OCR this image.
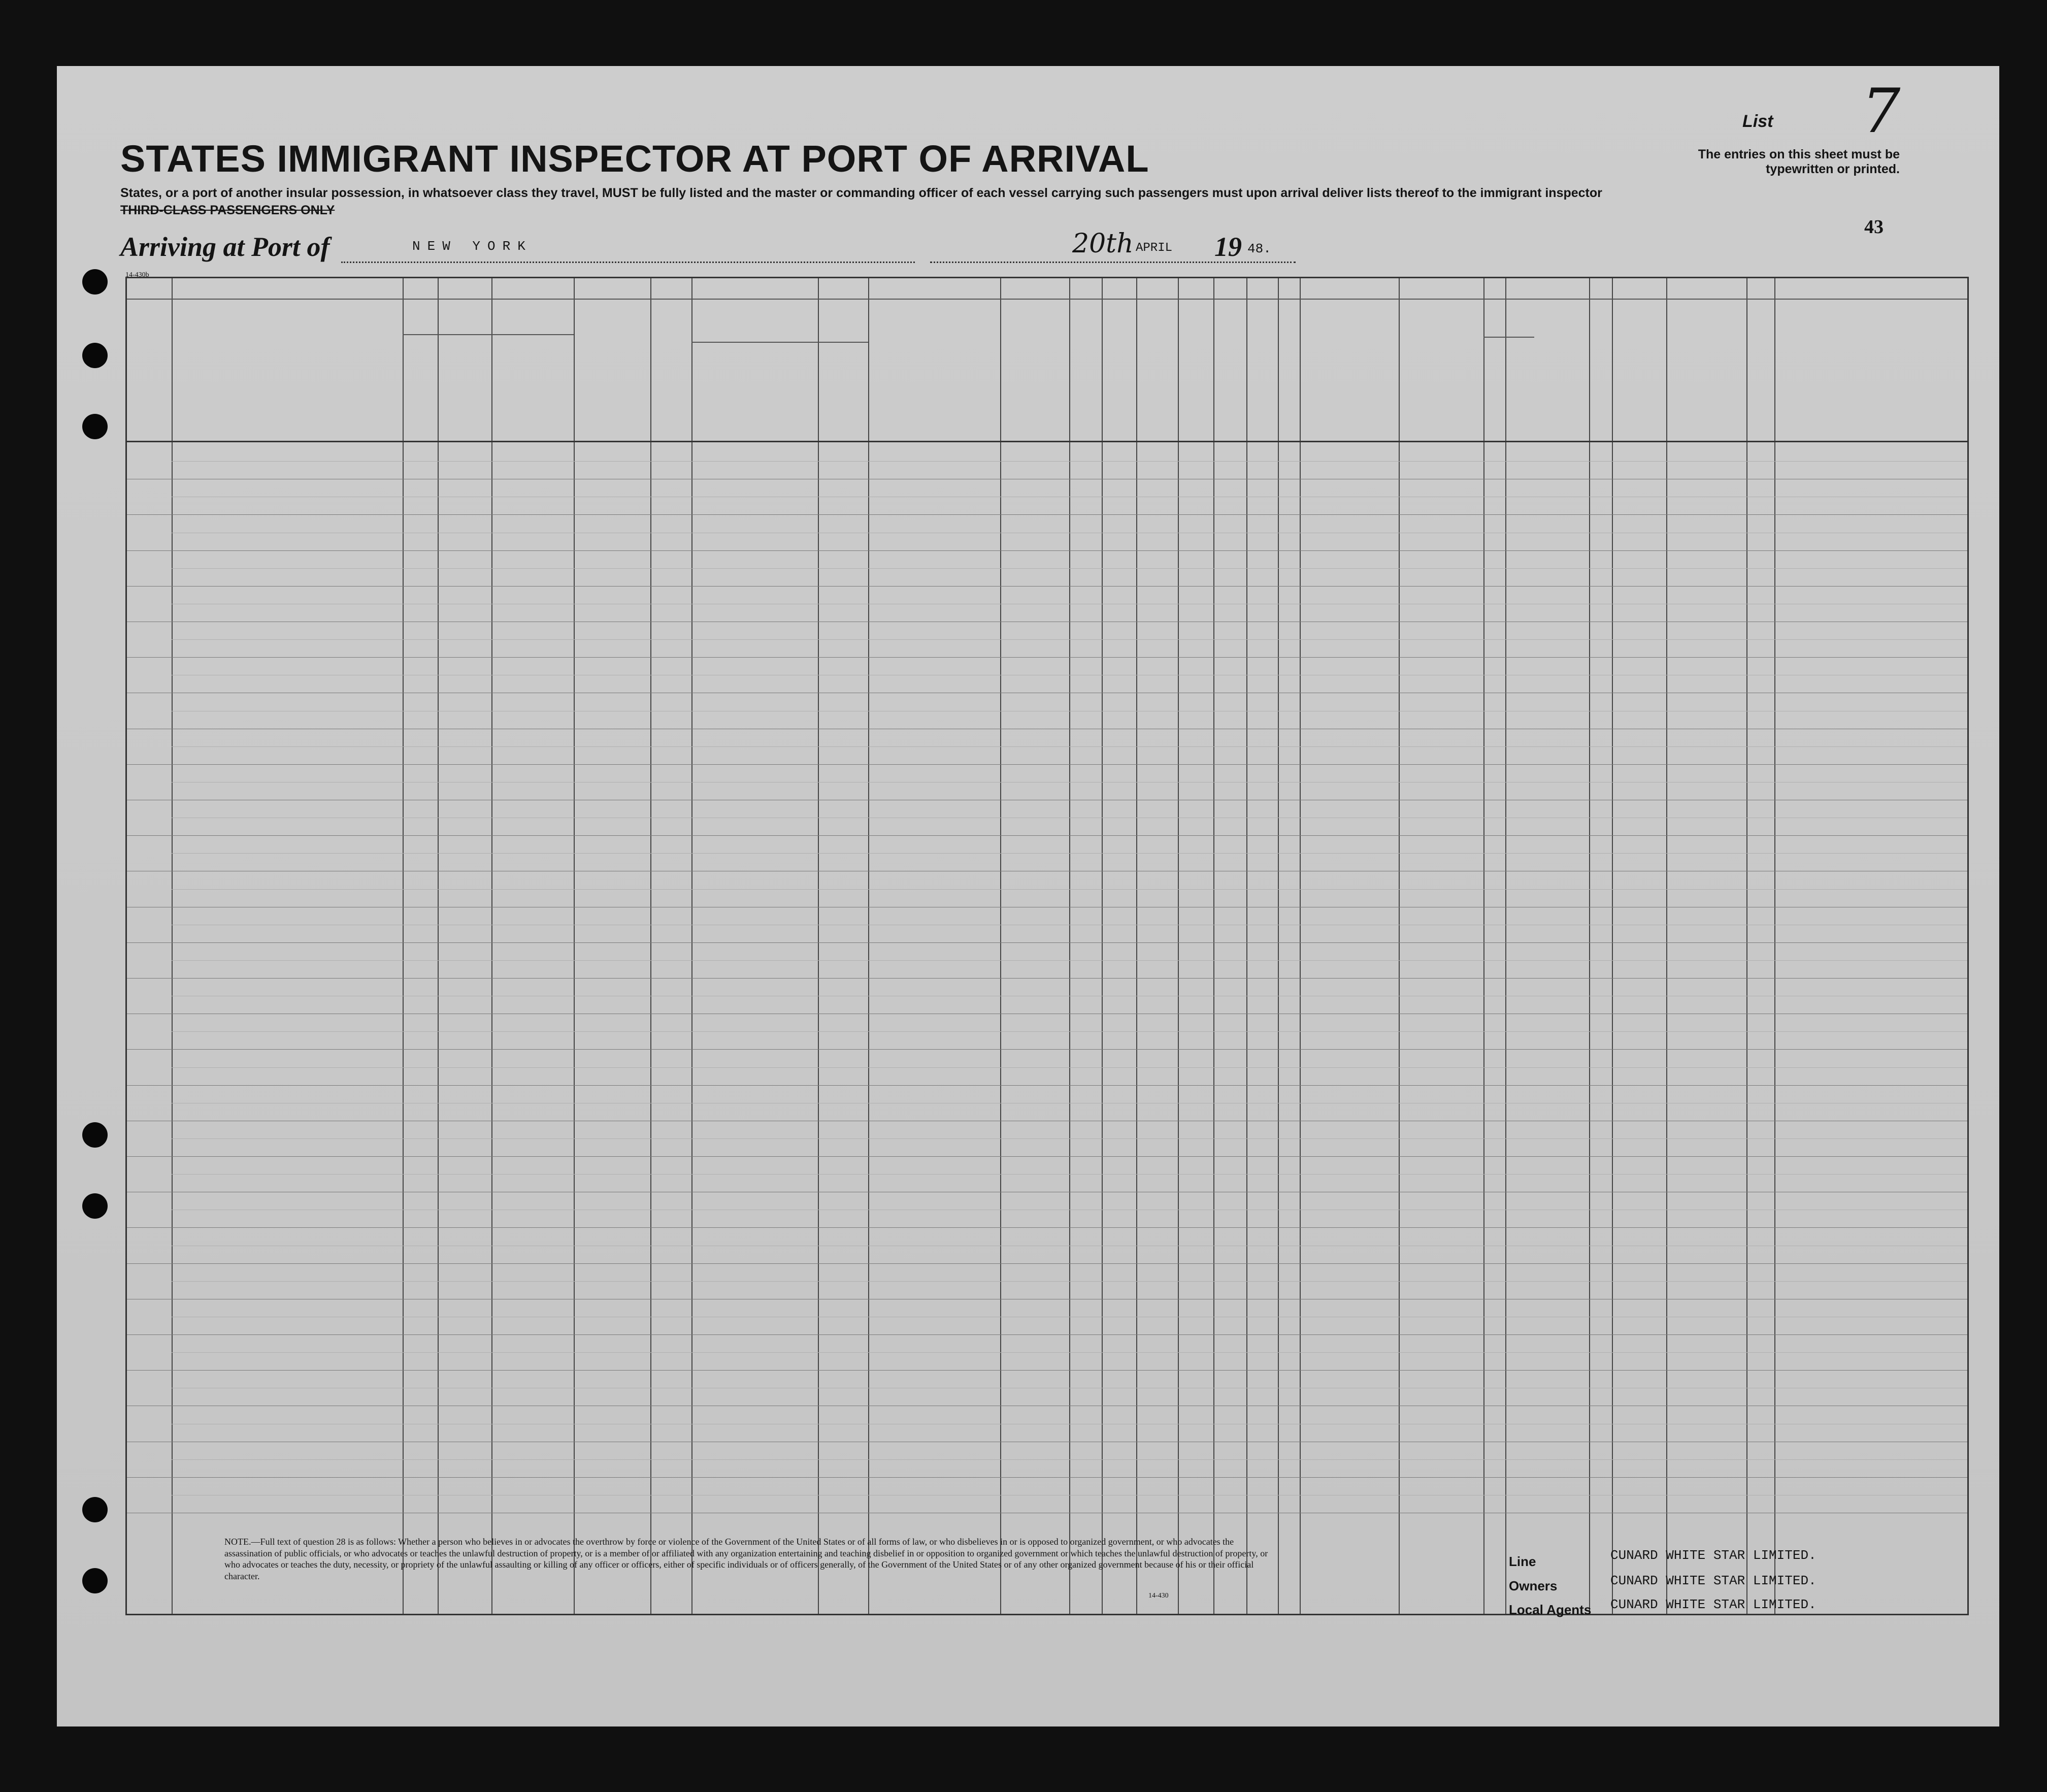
List 7
STATES IMMIGRANT INSPECTOR AT PORT OF ARRIVAL
States, or a port of another insular possession, in whatsoever class they travel, MUST be fully listed and the master or commanding officer of each vessel carrying such passengers must upon arrival deliver lists thereof to the immigrant inspector
THIRD-CLASS PASSENGERS ONLY
The entries on this sheet must be typewritten or printed.
43
Arriving at Port of	NEW YORK	20th APRIL 19 48.
14-430b
NOTE.—Full text of question 28 is as follows: Whether a person who believes in or advocates the overthrow by force or violence of the Government of the United States or of all forms of law, or who disbelieves in or is opposed to organized government, or who advocates the assassination of public officials, or who advocates or teaches the unlawful destruction of property, or is a member of or affiliated with any organization entertaining and teaching disbelief in or opposition to organized government or which teaches the unlawful destruction of property, or who advocates or teaches the duty, necessity, or propriety of the unlawful assaulting or killing of any officer or officers, either of specific individuals or of officers generally, of the Government of the United States or of any other organized government because of his or their official character.
14-430
Line	CUNARD WHITE STAR LIMITED.
Owners	CUNARD WHITE STAR LIMITED.
Local Agents CUNARD WHITE STAR LIMITED.
